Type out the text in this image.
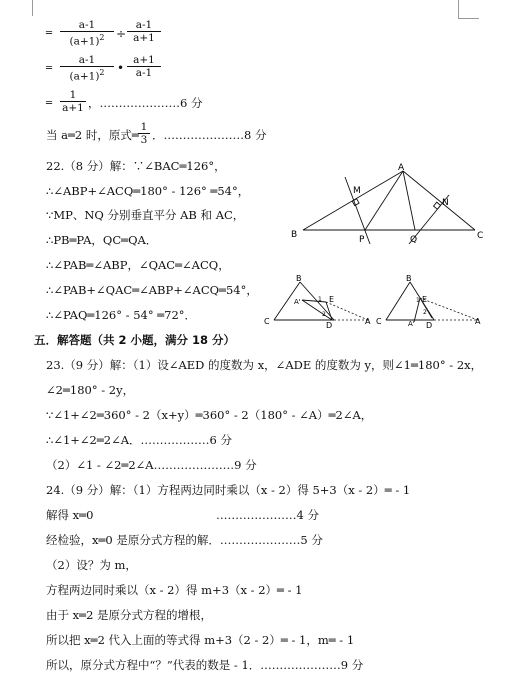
═ $\frac{a-1}{(a+1)^2} \div \frac{a-1}{a+1}$
═ $\frac{a-1}{(a+1)^2}$ • $\frac{a+1}{a-1}$
═ $\frac{1}{a+1}$ ，…………………6 分
当 a═2 时，原式═ $\frac{1}{3}$ ．…………………8 分
22.（8 分）解：∵∠BAC═126°，
∴∠ABP+∠ACQ═180° - 126° ═54°，
∵MP、NQ 分别垂直平分 AB 和 AC，
∴PB═PA，QC═QA．
∴∠PAB═∠ABP，∠QAC═∠ACQ，
∴∠PAB+∠QAC═∠ABP+∠ACQ═54°，
∴∠PAQ═126° - 54° ═72°．
A
B	C
M
N
P	Q
B
C
E
D	A
A'	1
2
B
C
E
D	A
A'
1
2
五．解答题（共 2 小题，满分 18 分）
23.（9 分）解：（1）设∠AED 的度数为 x，∠ADE 的度数为 y，则∠1═180° - 2x，
∠2═180° - 2y，
∵∠1+∠2═360° - 2（x+y）═360° - 2（180° - ∠A）═2∠A，
∴∠1+∠2═2∠A．………………6 分
（2）∠1 - ∠2═2∠A…………………9 分
24.（9 分）解：（1）方程两边同时乘以（x - 2）得 5+3（x - 2）═ - 1
解得 x═0	…………………4 分
经检验，x═0 是原分式方程的解．…………………5 分
（2）设？为 m，
方程两边同时乘以（x - 2）得 m+3（x - 2）═ - 1
由于 x═2 是原分式方程的增根，
所以把 x═2 代入上面的等式得 m+3（2 - 2）═ - 1，m═ - 1
所以，原分式方程中“？”代表的数是 - 1．…………………9 分
